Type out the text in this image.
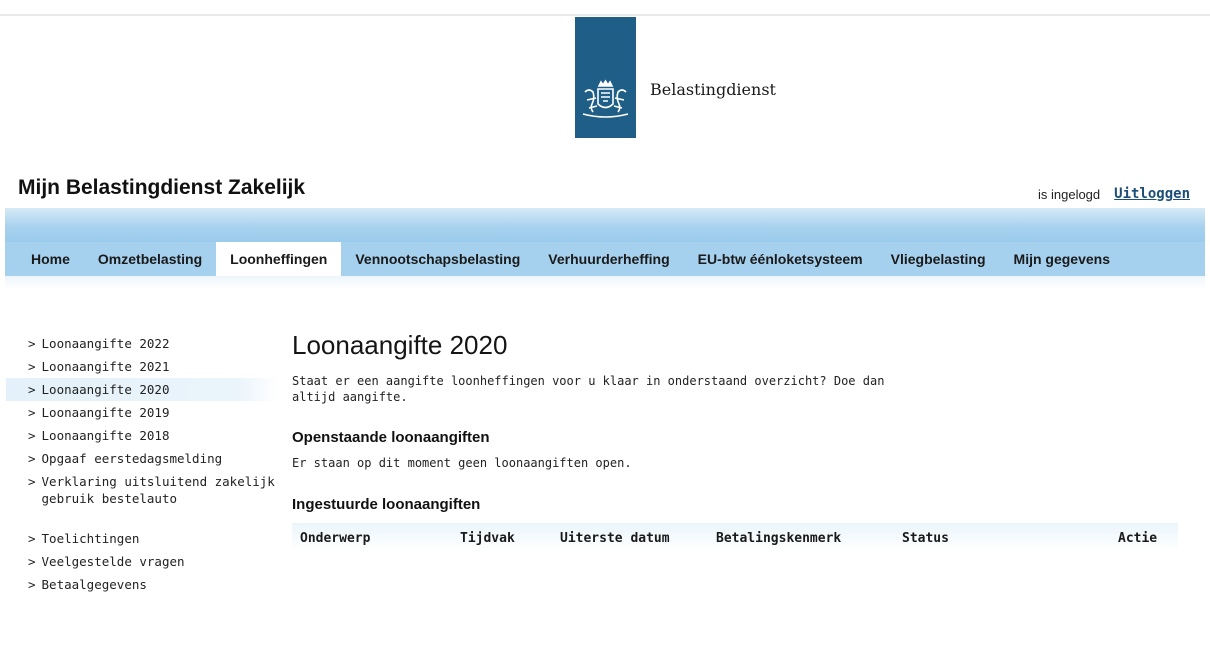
Belastingdienst
Mijn Belastingdienst Zakelijk	is ingelogd Uitloggen
Home	Omzetbelasting	Loonheffingen	Vennootschapsbelasting	Verhuurderheffing	EU-btw éénloketsysteem	Vliegbelasting	Mijn gegevens
> Loonaangifte 2022
> Loonaangifte 2021
> Loonaangifte 2020
> Loonaangifte 2019
> Loonaangifte 2018
> Opgaaf eerstedagsmelding
> Verklaring uitsluitend zakelijk gebruik bestelauto
> Toelichtingen
> Veelgestelde vragen
> Betaalgegevens
Loonaangifte 2020

Staat er een aangifte loonheffingen voor u klaar in onderstaand overzicht? Doe dan altijd aangifte.

Openstaande loonaangiften

Er staan op dit moment geen loonaangiften open.

Ingestuurde loonaangiften
Onderwerp	Tijdvak	Uiterste datum	Betalingskenmerk	Status	Actie
